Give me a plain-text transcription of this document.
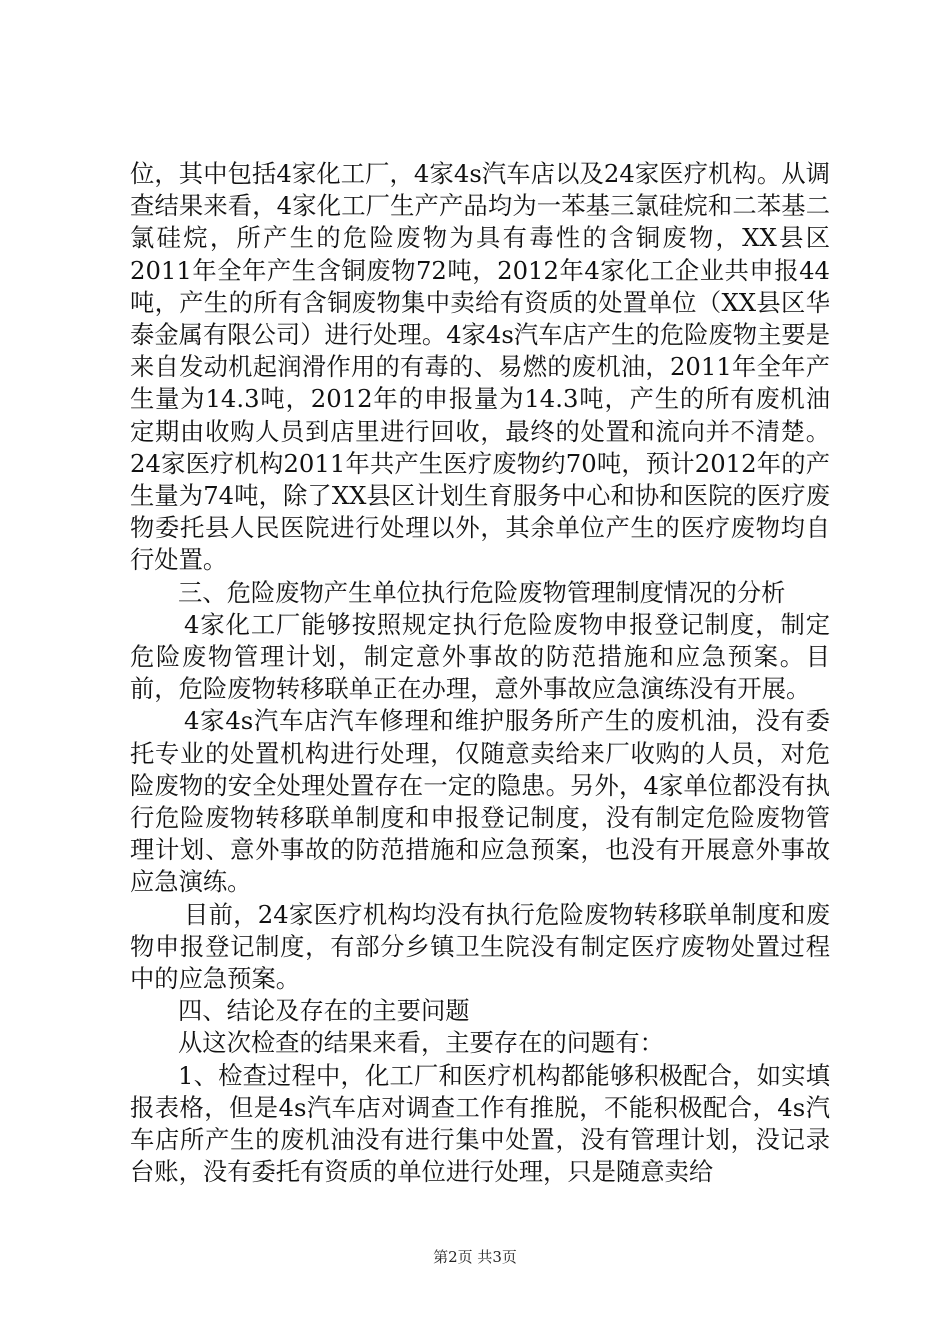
位，其中包括4家化工厂，4家4s汽车店以及24家医疗机构。从调查结果来看，4家化工厂生产产品均为一苯基三氯硅烷和二苯基二氯硅烷，所产生的危险废物为具有毒性的含铜废物，XX县区2011年全年产生含铜废物72吨，2012年4家化工企业共申报44吨，产生的所有含铜废物集中卖给有资质的处置单位（XX县区华泰金属有限公司）进行处理。4家4s汽车店产生的危险废物主要是来自发动机起润滑作用的有毒的、易燃的废机油，2011年全年产生量为14.3吨，2012年的申报量为14.3吨，产生的所有废机油定期由收购人员到店里进行回收，最终的处置和流向并不清楚。24家医疗机构2011年共产生医疗废物约70吨，预计2012年的产生量为74吨，除了XX县区计划生育服务中心和协和医院的医疗废物委托县人民医院进行处理以外，其余单位产生的医疗废物均自行处置。

三、危险废物产生单位执行危险废物管理制度情况的分析

4家化工厂能够按照规定执行危险废物申报登记制度，制定危险废物管理计划，制定意外事故的防范措施和应急预案。目前，危险废物转移联单正在办理，意外事故应急演练没有开展。

4家4s汽车店汽车修理和维护服务所产生的废机油，没有委托专业的处置机构进行处理，仅随意卖给来厂收购的人员，对危险废物的安全处理处置存在一定的隐患。另外，4家单位都没有执行危险废物转移联单制度和申报登记制度，没有制定危险废物管理计划、意外事故的防范措施和应急预案，也没有开展意外事故应急演练。

目前，24家医疗机构均没有执行危险废物转移联单制度和废物申报登记制度，有部分乡镇卫生院没有制定医疗废物处置过程中的应急预案。

四、结论及存在的主要问题

从这次检查的结果来看，主要存在的问题有：

1、检查过程中，化工厂和医疗机构都能够积极配合，如实填报表格，但是4s汽车店对调查工作有推脱，不能积极配合，4s汽车店所产生的废机油没有进行集中处置，没有管理计划，没记录台账，没有委托有资质的单位进行处理，只是随意卖给

第2页 共3页
